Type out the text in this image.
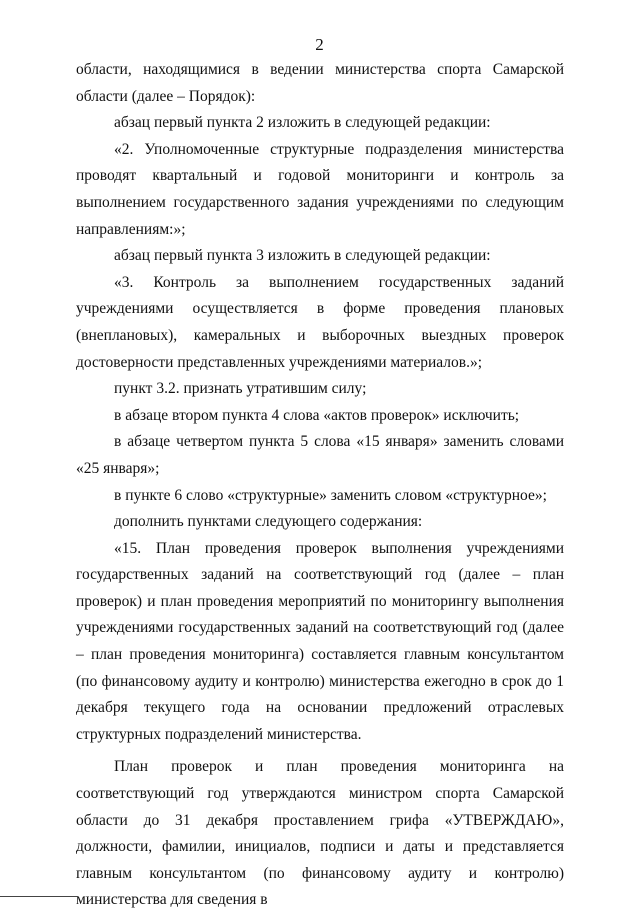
2

области, находящимися в ведении министерства спорта Самарской области (далее – Порядок):

абзац первый пункта 2 изложить в следующей редакции:

«2. Уполномоченные структурные подразделения министерства проводят квартальный и годовой мониторинги и контроль за выполнением государственного задания учреждениями по следующим направлениям:»;

абзац первый пункта 3 изложить в следующей редакции:

«3. Контроль за выполнением государственных заданий учреждениями осуществляется в форме проведения плановых (внеплановых), камеральных и выборочных выездных проверок достоверности представленных учреждениями материалов.»;

пункт 3.2. признать утратившим силу;

в абзаце втором пункта 4 слова «актов проверок» исключить;

в абзаце четвертом пункта 5 слова «15 января» заменить словами «25 января»;

в пункте 6 слово «структурные» заменить словом «структурное»;

дополнить пунктами следующего содержания:

«15. План проведения проверок выполнения учреждениями государственных заданий на соответствующий год (далее – план проверок) и план проведения мероприятий по мониторингу выполнения учреждениями государственных заданий на соответствующий год (далее – план проведения мониторинга) составляется главным консультантом (по финансовому аудиту и контролю) министерства ежегодно в срок до 1 декабря текущего года на основании предложений отраслевых структурных подразделений министерства.

План проверок и план проведения мониторинга на соответствующий год утверждаются министром спорта Самарской области до 31 декабря проставлением грифа «УТВЕРЖДАЮ», должности, фамилии, инициалов, подписи и даты и представляется главным консультантом (по финансовому аудиту и контролю) министерства для сведения в
